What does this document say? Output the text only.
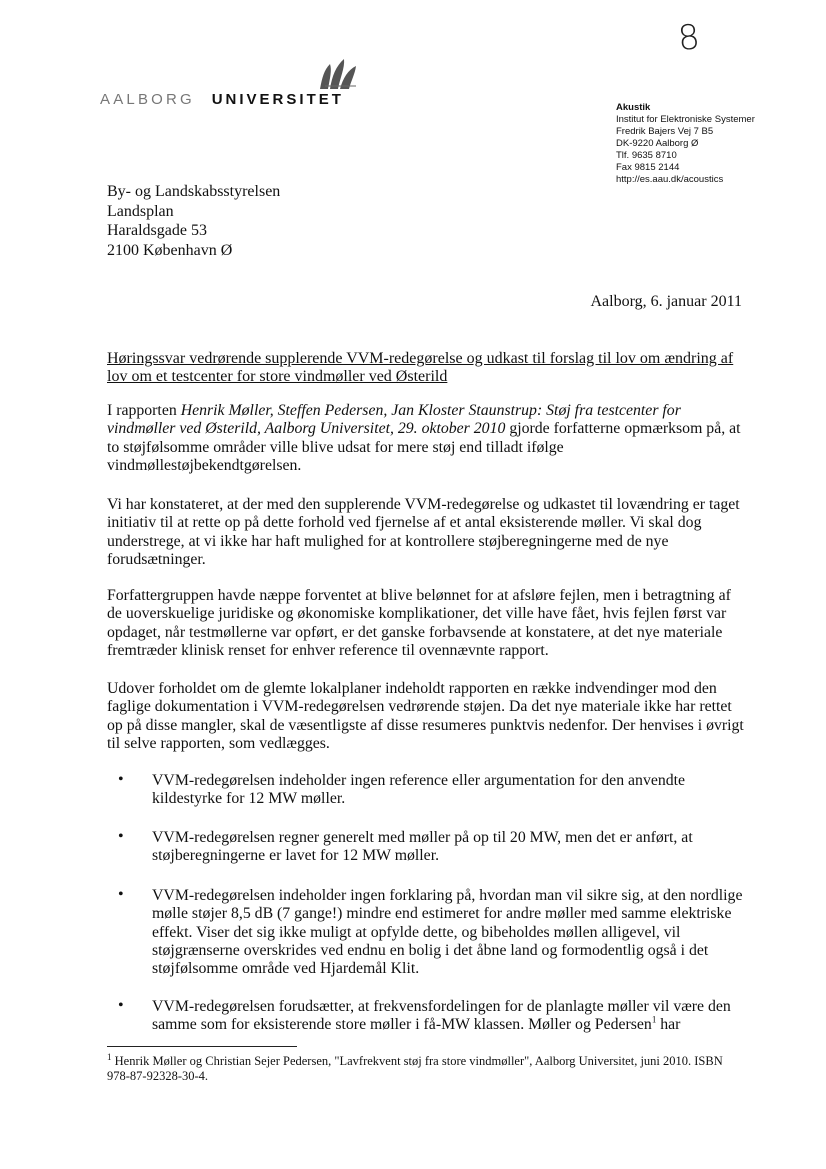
8
AALBORG UNIVERSITET	Akustik
Institut for Elektroniske Systemer
Fredrik Bajers Vej 7 B5
DK-9220 Aalborg Ø
Tlf. 9635 8710
Fax 9815 2144
http://es.aau.dk/acoustics
By- og Landskabsstyrelsen
Landsplan
Haraldsgade 53
2100 København Ø
Aalborg, 6. januar 2011
Høringssvar vedrørende supplerende VVM-redegørelse og udkast til forslag til lov om ændring af
lov om et testcenter for store vindmøller ved Østerild
I rapporten Henrik Møller, Steffen Pedersen, Jan Kloster Staunstrup: Støj fra testcenter for vindmøller ved Østerild, Aalborg Universitet, 29. oktober 2010 gjorde forfatterne opmærksom på, at to støjfølsomme områder ville blive udsat for mere støj end tilladt ifølge vindmøllestøjbekendtgørelsen.
Vi har konstateret, at der med den supplerende VVM-redegørelse og udkastet til lovændring er taget initiativ til at rette op på dette forhold ved fjernelse af et antal eksisterende møller. Vi skal dog understrege, at vi ikke har haft mulighed for at kontrollere støjberegningerne med de nye forudsætninger.
Forfattergruppen havde næppe forventet at blive belønnet for at afsløre fejlen, men i betragtning af de uoverskuelige juridiske og økonomiske komplikationer, det ville have fået, hvis fejlen først var opdaget, når testmøllerne var opført, er det ganske forbavsende at konstatere, at det nye materiale fremtræder klinisk renset for enhver reference til ovennævnte rapport.
Udover forholdet om de glemte lokalplaner indeholdt rapporten en række indvendinger mod den faglige dokumentation i VVM-redegørelsen vedrørende støjen. Da det nye materiale ikke har rettet op på disse mangler, skal de væsentligste af disse resumeres punktvis nedenfor. Der henvises i øvrigt til selve rapporten, som vedlægges.
• VVM-redegørelsen indeholder ingen reference eller argumentation for den anvendte kildestyrke for 12 MW møller.
• VVM-redegørelsen regner generelt med møller på op til 20 MW, men det er anført, at støjberegningerne er lavet for 12 MW møller.
• VVM-redegørelsen indeholder ingen forklaring på, hvordan man vil sikre sig, at den nordlige mølle støjer 8,5 dB (7 gange!) mindre end estimeret for andre møller med samme elektriske effekt. Viser det sig ikke muligt at opfylde dette, og bibeholdes møllen alligevel, vil støjgrænserne overskrides ved endnu en bolig i det åbne land og formodentlig også i det støjfølsomme område ved Hjardemål Klit.
• VVM-redegørelsen forudsætter, at frekvensfordelingen for de planlagte møller vil være den samme som for eksisterende store møller i få-MW klassen. Møller og Pedersen$^1$ har
$^1$ Henrik Møller og Christian Sejer Pedersen, "Lavfrekvent støj fra store vindmøller", Aalborg Universitet, juni 2010. ISBN 978-87-92328-30-4.
